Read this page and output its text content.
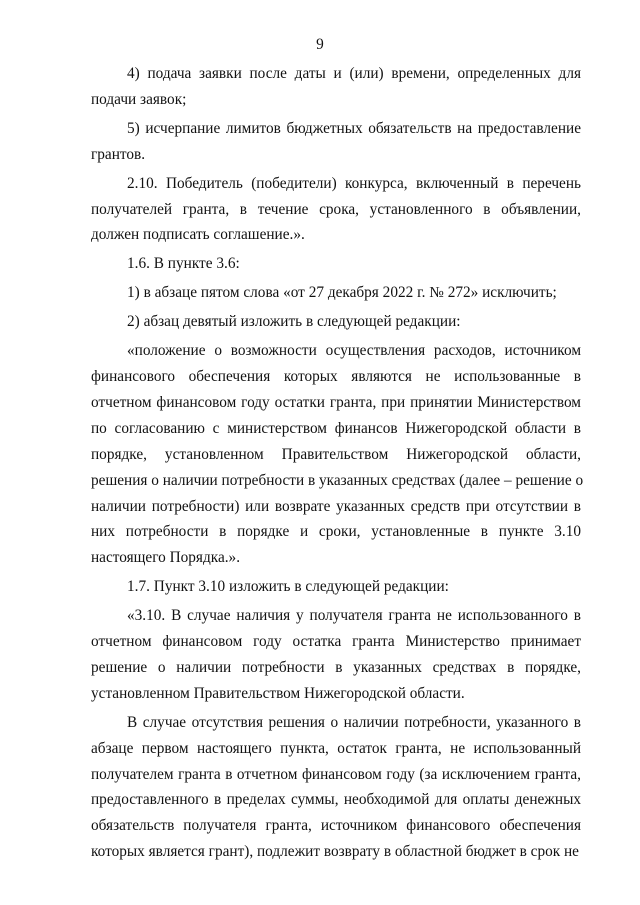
9
4) подача заявки после даты и (или) времени, определенных для
подачи заявок;
5) исчерпание лимитов бюджетных обязательств на предоставление
грантов.
2.10. Победитель (победители) конкурса, включенный в перечень
получателей гранта, в течение срока, установленного в объявлении,
должен подписать соглашение.».
1.6. В пункте 3.6:
1) в абзаце пятом слова «от 27 декабря 2022 г. № 272» исключить;
2) абзац девятый изложить в следующей редакции:
«положение о возможности осуществления расходов, источником
финансового обеспечения которых являются не использованные в
отчетном финансовом году остатки гранта, при принятии Министерством
по согласованию с министерством финансов Нижегородской области в
порядке, установленном Правительством Нижегородской области,
решения о наличии потребности в указанных средствах (далее – решение о
наличии потребности) или возврате указанных средств при отсутствии в
них потребности в порядке и сроки, установленные в пункте 3.10
настоящего Порядка.».
1.7. Пункт 3.10 изложить в следующей редакции:
«3.10. В случае наличия у получателя гранта не использованного в
отчетном финансовом году остатка гранта Министерство принимает
решение о наличии потребности в указанных средствах в порядке,
установленном Правительством Нижегородской области.
В случае отсутствия решения о наличии потребности, указанного в
абзаце первом настоящего пункта, остаток гранта, не использованный
получателем гранта в отчетном финансовом году (за исключением гранта,
предоставленного в пределах суммы, необходимой для оплаты денежных
обязательств получателя гранта, источником финансового обеспечения
которых является грант), подлежит возврату в областной бюджет в срок не
